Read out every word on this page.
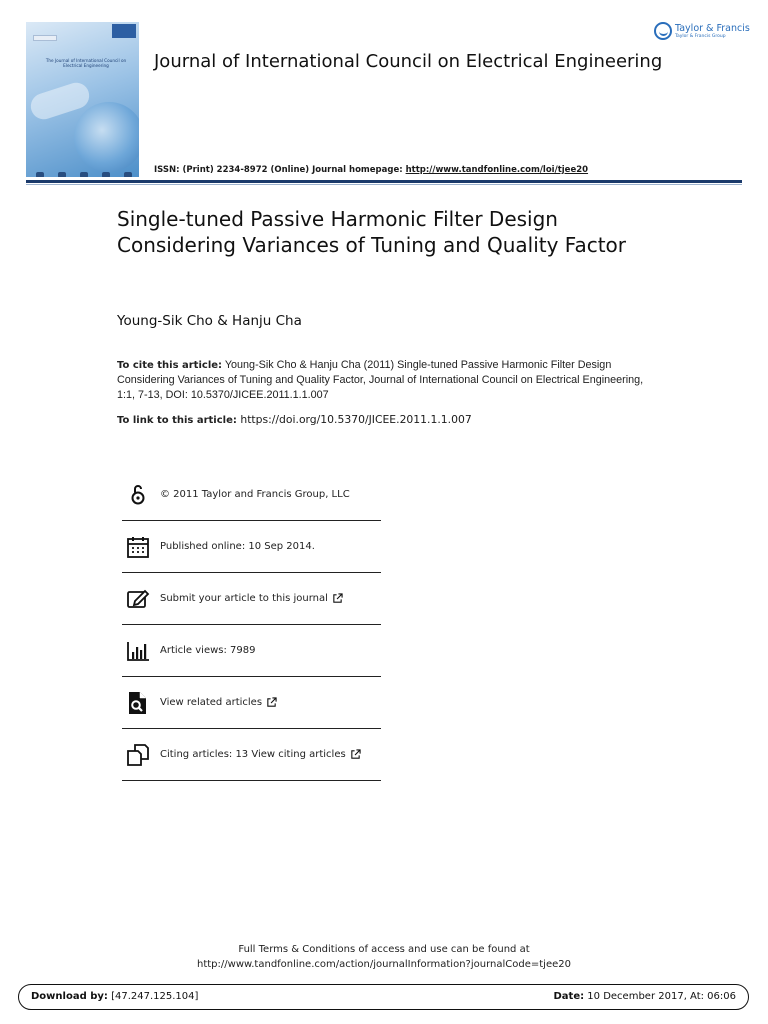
The Journal of International Council on Electrical Engineering	Journal of International Council on Electrical Engineering
Taylor & Francis
Taylor & Francis Group
ISSN: (Print) 2234-8972 (Online) Journal homepage: http://www.tandfonline.com/loi/tjee20
Single-tuned Passive Harmonic Filter Design Considering Variances of Tuning and Quality Factor
Young-Sik Cho & Hanju Cha
To cite this article: Young-Sik Cho & Hanju Cha (2011) Single-tuned Passive Harmonic Filter Design Considering Variances of Tuning and Quality Factor, Journal of International Council on Electrical Engineering, 1:1, 7-13, DOI: 10.5370/JICEE.2011.1.1.007
To link to this article: https://doi.org/10.5370/JICEE.2011.1.1.007
© 2011 Taylor and Francis Group, LLC
Published online: 10 Sep 2014.
Submit your article to this journal
Article views: 7989
View related articles
Citing articles: 13 View citing articles
Full Terms & Conditions of access and use can be found at
http://www.tandfonline.com/action/journalInformation?journalCode=tjee20
Download by: [47.247.125.104]	Date: 10 December 2017, At: 06:06
